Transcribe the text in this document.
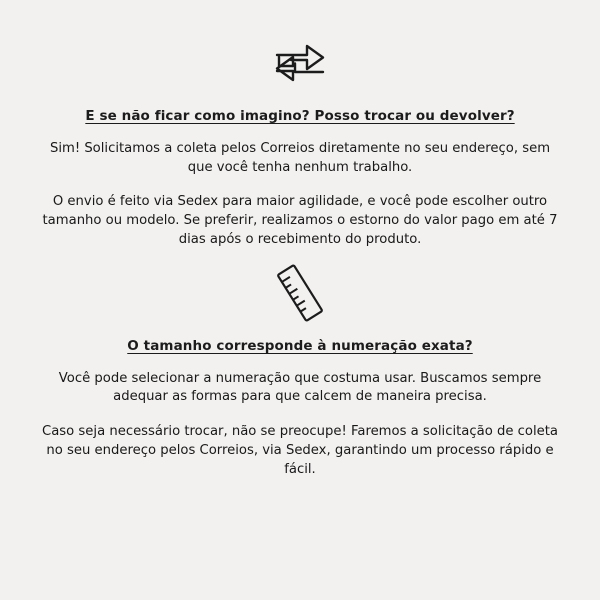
E se não ficar como imagino? Posso trocar ou devolver?
Sim! Solicitamos a coleta pelos Correios diretamente no seu endereço, sem que você tenha nenhum trabalho.
O envio é feito via Sedex para maior agilidade, e você pode escolher outro tamanho ou modelo. Se preferir, realizamos o estorno do valor pago em até 7 dias após o recebimento do produto.
O tamanho corresponde à numeração exata?
Você pode selecionar a numeração que costuma usar. Buscamos sempre adequar as formas para que calcem de maneira precisa.
Caso seja necessário trocar, não se preocupe! Faremos a solicitação de coleta no seu endereço pelos Correios, via Sedex, garantindo um processo rápido e fácil.
